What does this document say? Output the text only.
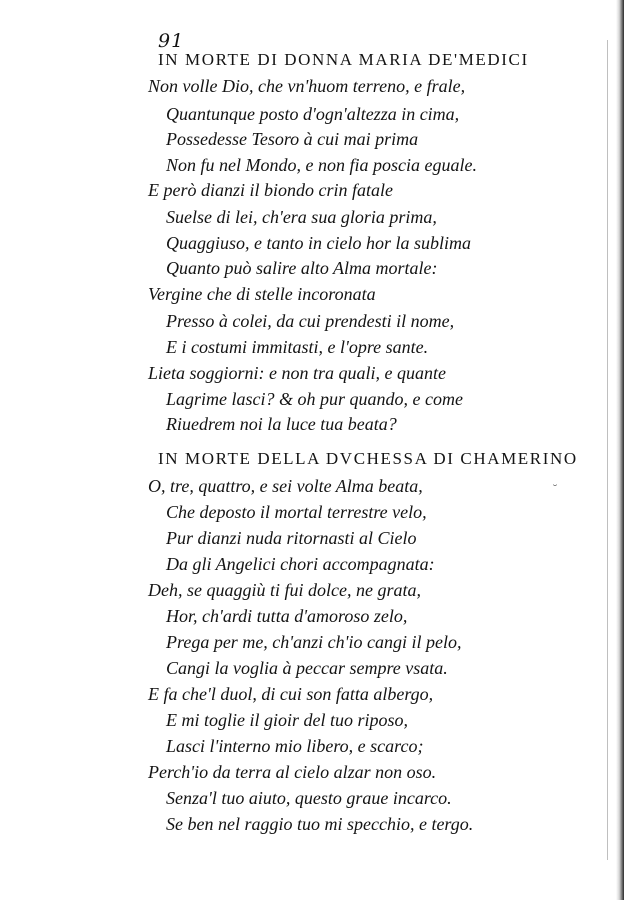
91
IN MORTE DI DONNA MARIA DE'MEDICI
Non volle Dio, che vn'huom terreno, e frale,
Quantunque posto d'ogn'altezza in cima,
Possedesse Tesoro à cui mai prima
Non fu nel Mondo, e non fia poscia eguale.
E però dianzi il biondo crin fatale
Suelse di lei, ch'era sua gloria prima,
Quaggiuso, e tanto in cielo hor la sublima
Quanto può salire alto Alma mortale:
Vergine che di stelle incoronata
Presso à colei, da cui prendesti il nome,
E i costumi immitasti, e l'opre sante.
Lieta soggiorni: e non tra quali, e quante
Lagrime lasci? & oh pur quando, e come
Riuedrem noi la luce tua beata?
IN MORTE DELLA DVCHESSA DI CHAMERINO
O, tre, quattro, e sei volte Alma beata,
Che deposto il mortal terrestre velo,
Pur dianzi nuda ritornasti al Cielo
Da gli Angelici chori accompagnata:
Deh, se quaggiù ti fui dolce, ne grata,
Hor, ch'ardi tutta d'amoroso zelo,
Prega per me, ch'anzi ch'io cangi il pelo,
Cangi la voglia à peccar sempre vsata.
E fa che'l duol, di cui son fatta albergo,
E mi toglie il gioir del tuo riposo,
Lasci l'interno mio libero, e scarco;
Perch'io da terra al cielo alzar non oso.
Senza'l tuo aiuto, questo graue incarco.
Se ben nel raggio tuo mi specchio, e tergo.
˘
